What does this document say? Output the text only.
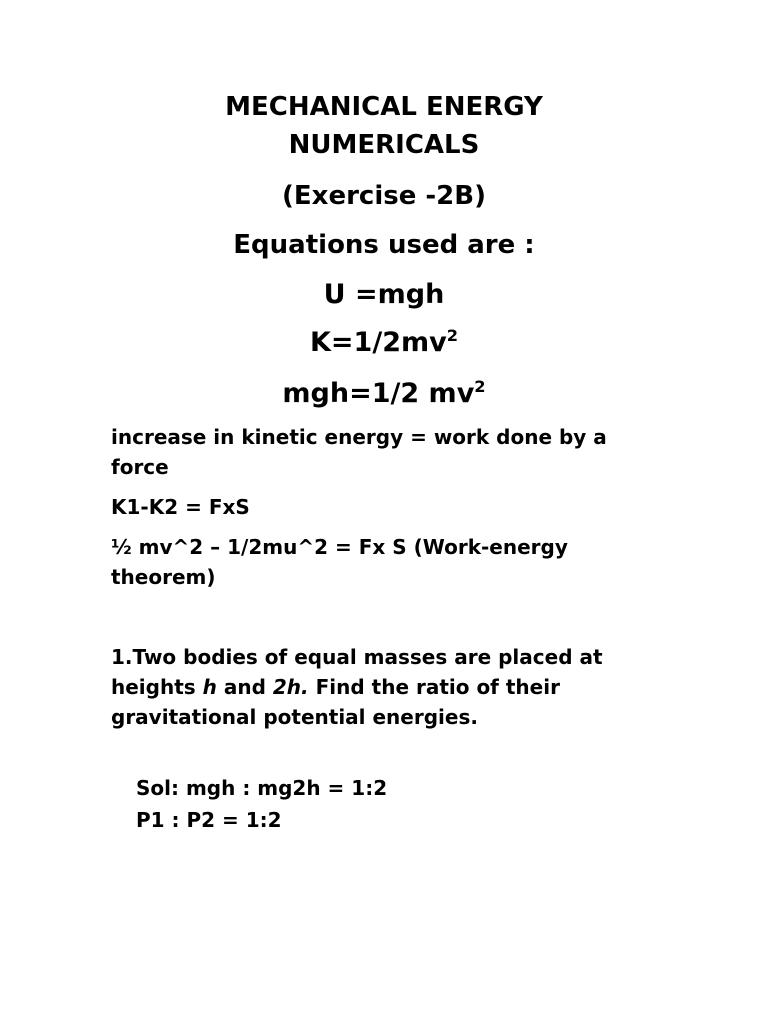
MECHANICAL ENERGY
NUMERICALS
(Exercise -2B)
Equations used are :
U =mgh
$K=1/2mv^2$
mgh=1/2 $mv^2$
increase in kinetic energy = work done by a force
K1-K2 = FxS
½ mv^2 – 1/2mu^2 = Fx S (Work-energy theorem)
1.Two bodies of equal masses are placed at heights h and 2h. Find the ratio of their gravitational potential energies.
Sol: mgh : mg2h = 1:2
P1 : P2 = 1:2
